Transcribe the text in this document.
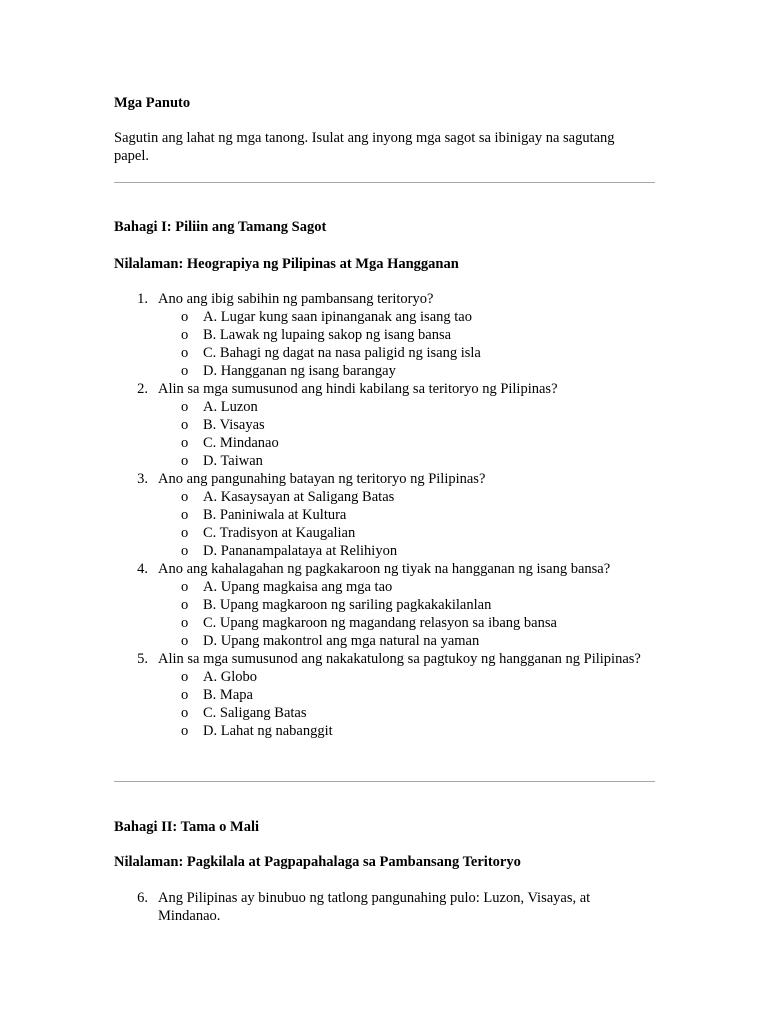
Mga Panuto
Sagutin ang lahat ng mga tanong. Isulat ang inyong mga sagot sa ibinigay na sagutang papel.
Bahagi I: Piliin ang Tamang Sagot
Nilalaman: Heograpiya ng Pilipinas at Mga Hangganan
1. Ano ang ibig sabihin ng pambansang teritoryo?
o A. Lugar kung saan ipinanganak ang isang tao
o B. Lawak ng lupaing sakop ng isang bansa
o C. Bahagi ng dagat na nasa paligid ng isang isla
o D. Hangganan ng isang barangay
2. Alin sa mga sumusunod ang hindi kabilang sa teritoryo ng Pilipinas?
o A. Luzon
o B. Visayas
o C. Mindanao
o D. Taiwan
3. Ano ang pangunahing batayan ng teritoryo ng Pilipinas?
o A. Kasaysayan at Saligang Batas
o B. Paniniwala at Kultura
o C. Tradisyon at Kaugalian
o D. Pananampalataya at Relihiyon
4. Ano ang kahalagahan ng pagkakaroon ng tiyak na hangganan ng isang bansa?
o A. Upang magkaisa ang mga tao
o B. Upang magkaroon ng sariling pagkakakilanlan
o C. Upang magkaroon ng magandang relasyon sa ibang bansa
o D. Upang makontrol ang mga natural na yaman
5. Alin sa mga sumusunod ang nakakatulong sa pagtukoy ng hangganan ng Pilipinas?
o A. Globo
o B. Mapa
o C. Saligang Batas
o D. Lahat ng nabanggit
Bahagi II: Tama o Mali
Nilalaman: Pagkilala at Pagpapahalaga sa Pambansang Teritoryo
6. Ang Pilipinas ay binubuo ng tatlong pangunahing pulo: Luzon, Visayas, at Mindanao.
